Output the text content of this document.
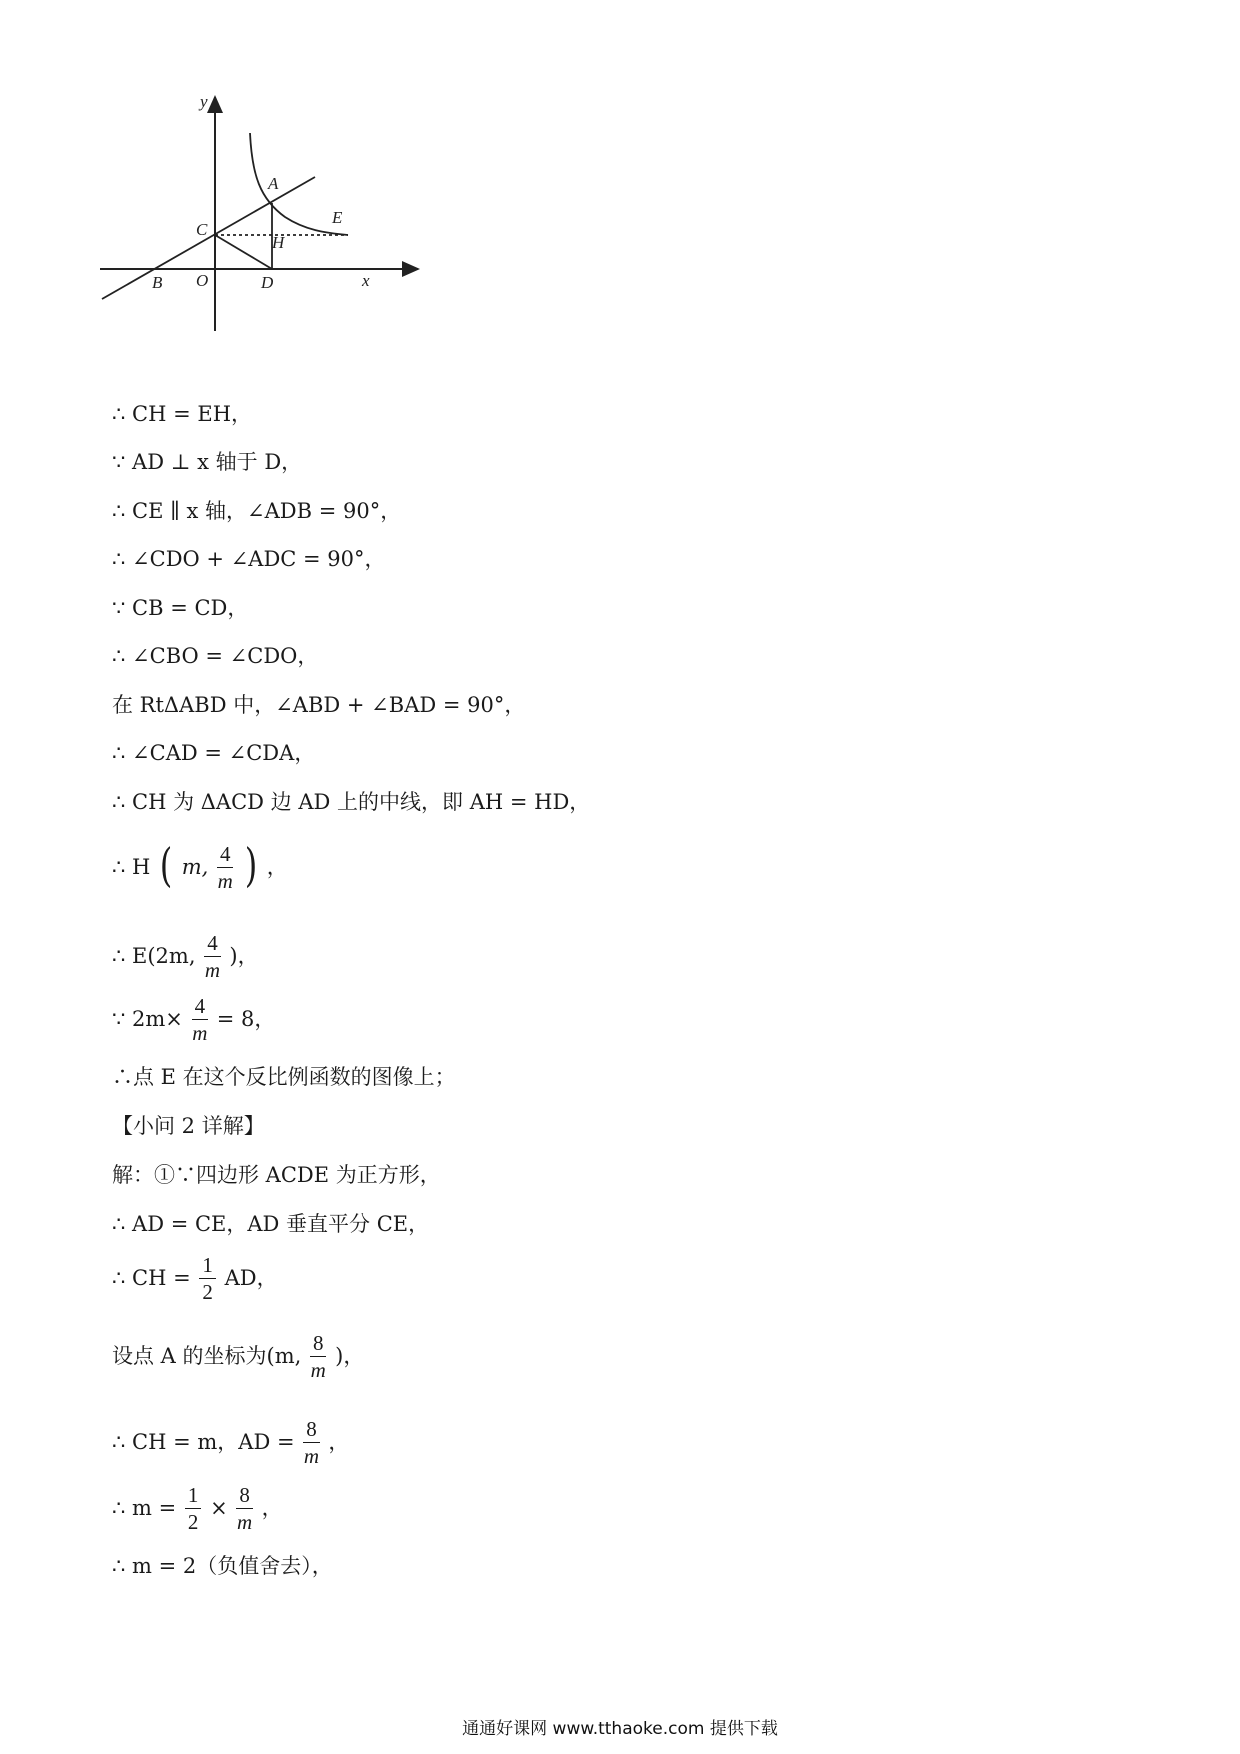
y
x
A
E
C
H
B O	D
∴ CH = EH，
∵ AD ⊥ x 轴于 D，
∴ CE ∥ x 轴，∠ADB = 90°，
∴ ∠CDO + ∠ADC = 90°，
∵ CB = CD，
∴ ∠CBO = ∠CDO，
在 RtΔABD 中，∠ABD + ∠BAD = 90°，
∴ ∠CAD = ∠CDA，
∴ CH 为 ΔACD 边 AD 上的中线，即 AH = HD，
∴ H ( m, $\frac{4}{m}$ ) ，
∴ E(2m, $\frac{4}{m}$ )，
∵ $2m\times \frac{4}{m} = 8$，
∴点 E 在这个反比例函数的图像上；
【小问 2 详解】
解：①∵四边形 ACDE 为正方形，
∴ AD = CE，AD 垂直平分 CE，
∴ CH = $\frac{1}{2}$ AD，
设点 A 的坐标为(m, $\frac{8}{m}$ )，
∴ CH = m，AD = $\frac{8}{m}$ ，
∴ $m = \frac{1}{2} \times \frac{8}{m}$ ，
∴ m = 2（负值舍去），
通通好课网 www.tthaoke.com 提供下载
